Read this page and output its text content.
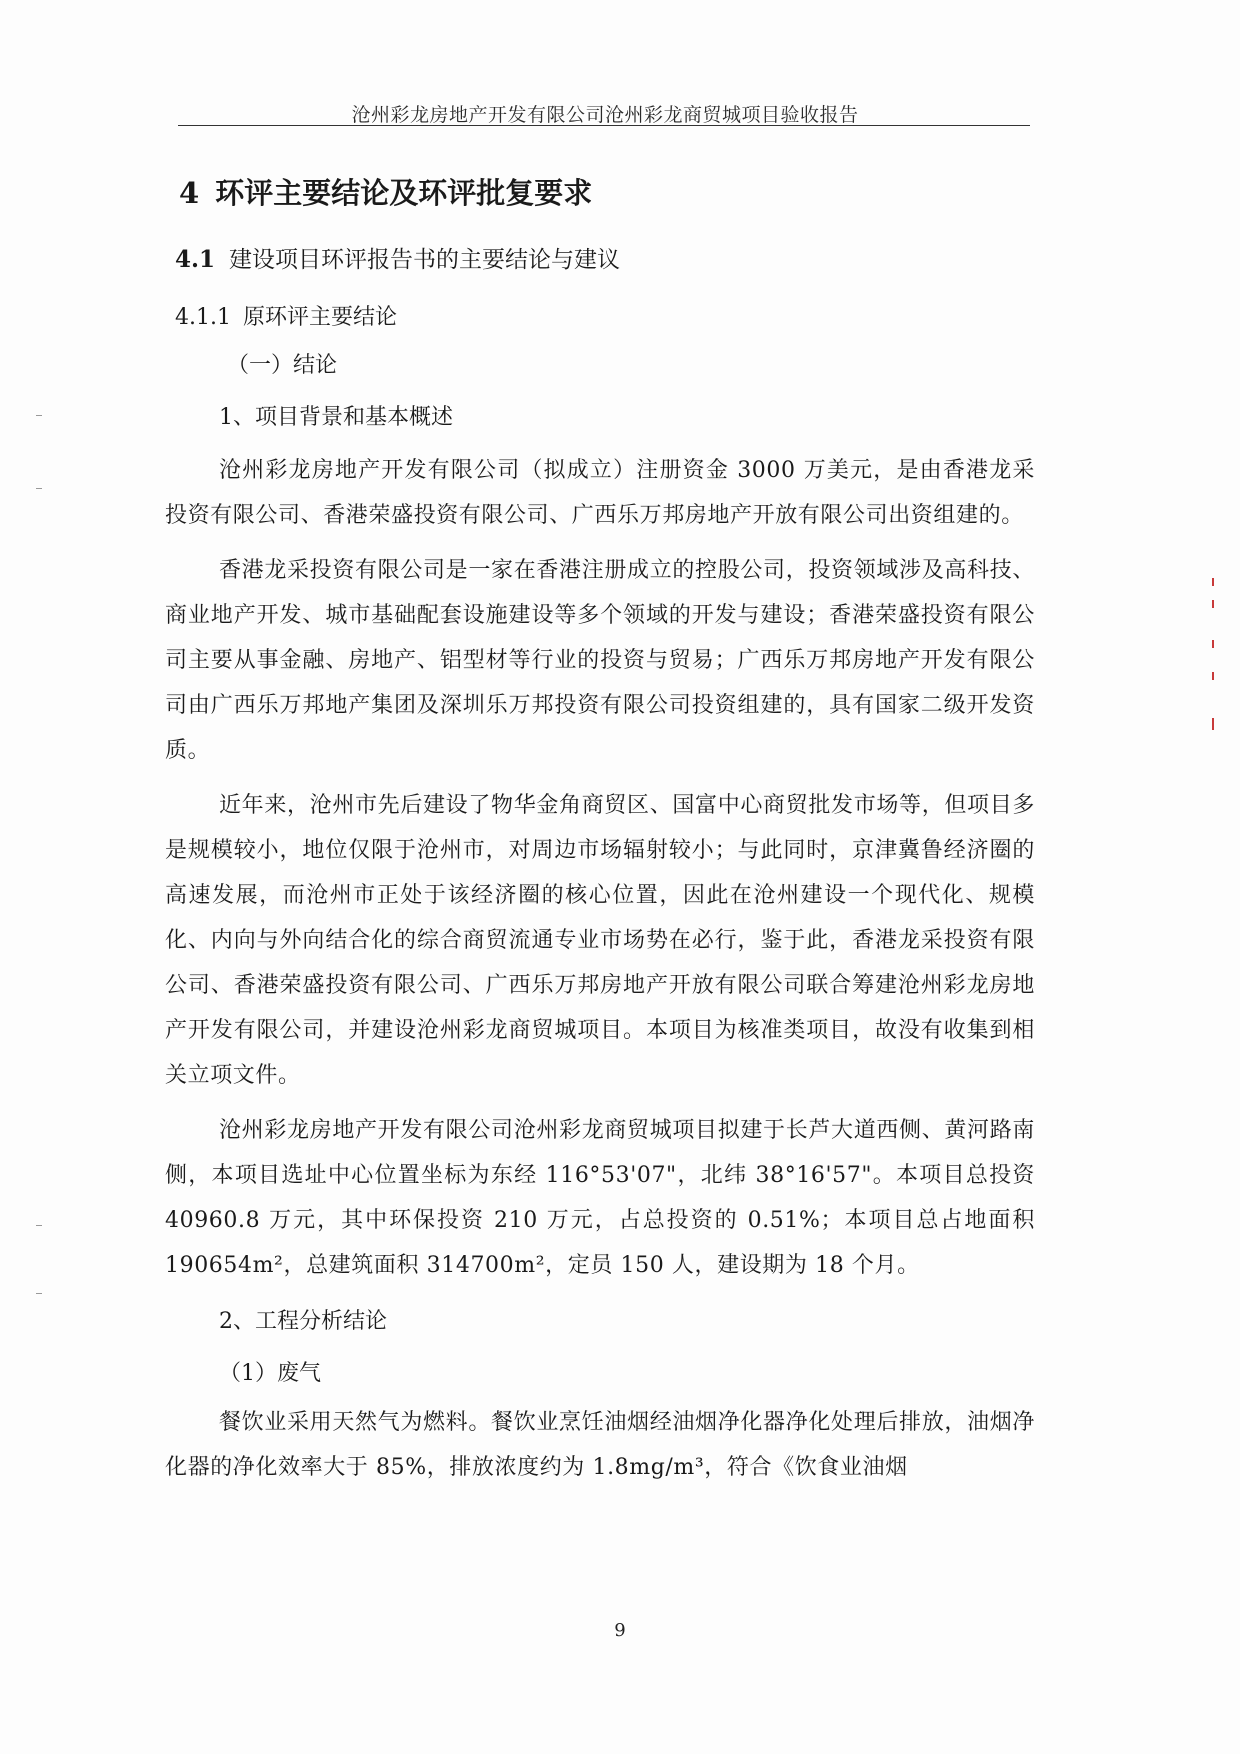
沧州彩龙房地产开发有限公司沧州彩龙商贸城项目验收报告
4 环评主要结论及环评批复要求
4.1 建设项目环评报告书的主要结论与建议
4.1.1 原环评主要结论
（一）结论
1、项目背景和基本概述

沧州彩龙房地产开发有限公司（拟成立）注册资金 3000 万美元，是由香港龙采投资有限公司、香港荣盛投资有限公司、广西乐万邦房地产开放有限公司出资组建的。

香港龙采投资有限公司是一家在香港注册成立的控股公司，投资领域涉及高科技、商业地产开发、城市基础配套设施建设等多个领域的开发与建设；香港荣盛投资有限公司主要从事金融、房地产、铝型材等行业的投资与贸易；广西乐万邦房地产开发有限公司由广西乐万邦地产集团及深圳乐万邦投资有限公司投资组建的，具有国家二级开发资质。

近年来，沧州市先后建设了物华金角商贸区、国富中心商贸批发市场等，但项目多是规模较小，地位仅限于沧州市，对周边市场辐射较小；与此同时，京津冀鲁经济圈的高速发展，而沧州市正处于该经济圈的核心位置，因此在沧州建设一个现代化、规模化、内向与外向结合化的综合商贸流通专业市场势在必行，鉴于此，香港龙采投资有限公司、香港荣盛投资有限公司、广西乐万邦房地产开放有限公司联合筹建沧州彩龙房地产开发有限公司，并建设沧州彩龙商贸城项目。本项目为核准类项目，故没有收集到相关立项文件。

沧州彩龙房地产开发有限公司沧州彩龙商贸城项目拟建于长芦大道西侧、黄河路南侧，本项目选址中心位置坐标为东经 116°53'07"，北纬 38°16'57"。本项目总投资 40960.8 万元，其中环保投资 210 万元，占总投资的 0.51%；本项目总占地面积 190654m²，总建筑面积 314700m²，定员 150 人，建设期为 18 个月。

2、工程分析结论
（1）废气

餐饮业采用天然气为燃料。餐饮业烹饪油烟经油烟净化器净化处理后排放，油烟净化器的净化效率大于 85%，排放浓度约为 1.8mg/m³，符合《饮食业油烟

9
